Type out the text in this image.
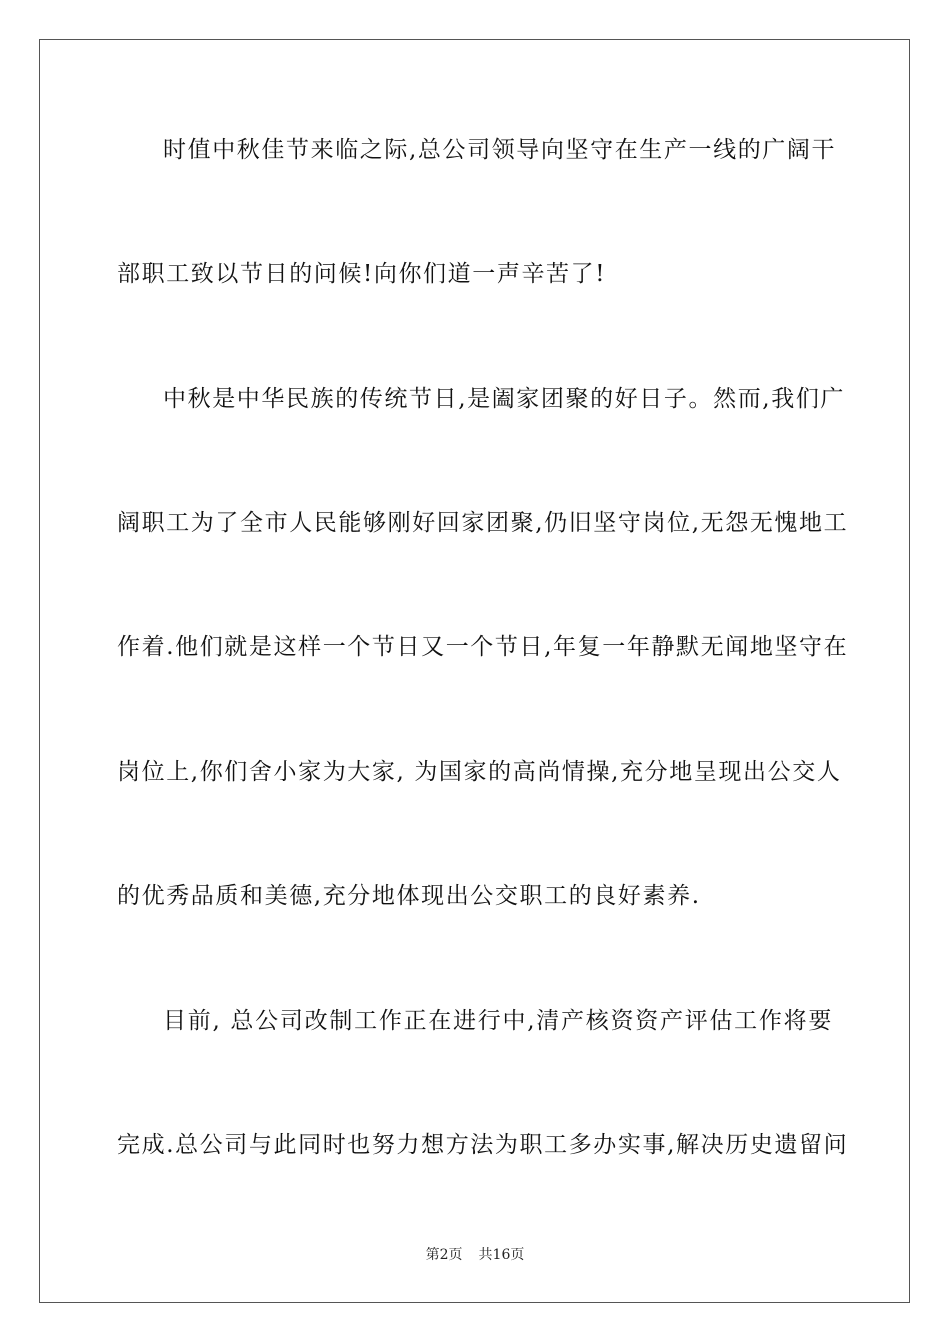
时值中秋佳节来临之际,总公司领导向坚守在生产一线的广阔干
部职工致以节日的问候!向你们道一声辛苦了!
中秋是中华民族的传统节日,是阖家团聚的好日子。然而,我们广
阔职工为了全市人民能够刚好回家团聚,仍旧坚守岗位,无怨无愧地工
作着.他们就是这样一个节日又一个节日,年复一年静默无闻地坚守在
岗位上,你们舍小家为大家, 为国家的高尚情操,充分地呈现出公交人
的优秀品质和美德,充分地体现出公交职工的良好素养.
目前, 总公司改制工作正在进行中,清产核资资产评估工作将要
完成.总公司与此同时也努力想方法为职工多办实事,解决历史遗留问
第2页 共16页
